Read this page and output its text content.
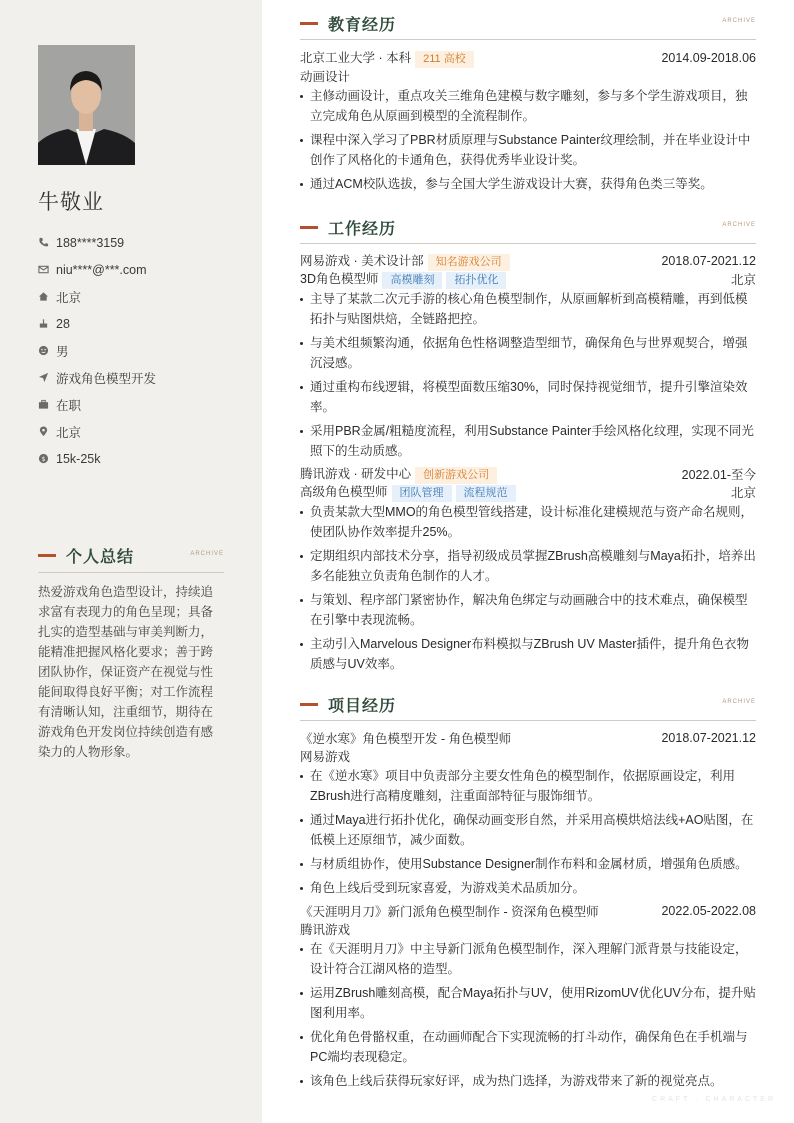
牛敬业
188****3159
niu****@***.com
北京
28
男
游戏角色模型开发
在职
北京
$ 15k-25k
个人总结	ARCHIVE
热爱游戏角色造型设计，持续追求富有表现力的角色呈现；具备扎实的造型基础与审美判断力，能精准把握风格化要求；善于跨团队协作，保证资产在视觉与性能间取得良好平衡；对工作流程有清晰认知，注重细节，期待在游戏角色开发岗位持续创造有感染力的人物形象。
教育经历	ARCHIVE
北京工业大学 · 本科 211 高校	2014.09-2018.06
动画设计
主修动画设计，重点攻关三维角色建模与数字雕刻，参与多个学生游戏项目，独立完成角色从原画到模型的全流程制作。
课程中深入学习了PBR材质原理与Substance Painter纹理绘制，并在毕业设计中创作了风格化的卡通角色，获得优秀毕业设计奖。
通过ACM校队选拔，参与全国大学生游戏设计大赛，获得角色类三等奖。
工作经历	ARCHIVE
网易游戏 · 美术设计部 知名游戏公司	2018.07-2021.12
3D角色模型师 高模雕刻 拓扑优化	北京
主导了某款二次元手游的核心角色模型制作，从原画解析到高模精雕，再到低模拓扑与贴图烘焙，全链路把控。
与美术组频繁沟通，依据角色性格调整造型细节，确保角色与世界观契合，增强沉浸感。
通过重构布线逻辑，将模型面数压缩30%，同时保持视觉细节，提升引擎渲染效率。
采用PBR金属/粗糙度流程，利用Substance Painter手绘风格化纹理，实现不同光照下的生动质感。
腾讯游戏 · 研发中心 创新游戏公司	2022.01-至今
高级角色模型师 团队管理 流程规范	北京
负责某款大型MMO的角色模型管线搭建，设计标准化建模规范与资产命名规则，使团队协作效率提升25%。
定期组织内部技术分享，指导初级成员掌握ZBrush高模雕刻与Maya拓扑，培养出多名能独立负责角色制作的人才。
与策划、程序部门紧密协作，解决角色绑定与动画融合中的技术难点，确保模型在引擎中表现流畅。
主动引入Marvelous Designer布料模拟与ZBrush UV Master插件，提升角色衣物质感与UV效率。
项目经历	ARCHIVE
《逆水寒》角色模型开发 - 角色模型师	2018.07-2021.12
网易游戏
在《逆水寒》项目中负责部分主要女性角色的模型制作，依据原画设定，利用ZBrush进行高精度雕刻，注重面部特征与服饰细节。
通过Maya进行拓扑优化，确保动画变形自然，并采用高模烘焙法线+AO贴图，在低模上还原细节，减少面数。
与材质组协作，使用Substance Designer制作布料和金属材质，增强角色质感。
角色上线后受到玩家喜爱，为游戏美术品质加分。
《天涯明月刀》新门派角色模型制作 - 资深角色模型师	2022.05-2022.08
腾讯游戏
在《天涯明月刀》中主导新门派角色模型制作，深入理解门派背景与技能设定，设计符合江湖风格的造型。
运用ZBrush雕刻高模，配合Maya拓扑与UV，使用RizomUV优化UV分布，提升贴图利用率。
优化角色骨骼权重，在动画师配合下实现流畅的打斗动作，确保角色在手机端与PC端均表现稳定。
该角色上线后获得玩家好评，成为热门选择，为游戏带来了新的视觉亮点。
CRAFT · CHARACTER
